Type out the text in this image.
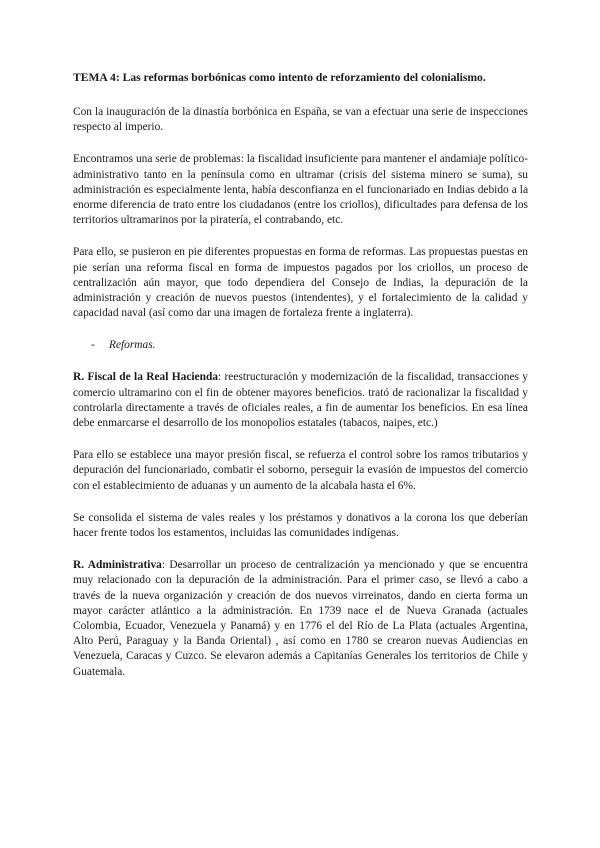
TEMA 4: Las reformas borbónicas como intento de reforzamiento del colonialismo.

Con la inauguración de la dinastía borbónica en España, se van a efectuar una serie de inspecciones respecto al imperio.

Encontramos una serie de problemas: la fiscalidad insuficiente para mantener el andamiaje político-administrativo tanto en la península como en ultramar (crisis del sistema minero se suma), su administración es especialmente lenta, había desconfianza en el funcionariado en Indias debido a la enorme diferencia de trato entre los ciudadanos (entre los criollos), dificultades para defensa de los territorios ultramarinos por la piratería, el contrabando, etc.

Para ello, se pusieron en pie diferentes propuestas en forma de reformas. Las propuestas puestas en pie serían una reforma fiscal en forma de impuestos pagados por los criollos, un proceso de centralización aún mayor, que todo dependiera del Consejo de Indias, la depuración de la administración y creación de nuevos puestos (intendentes), y el fortalecimiento de la calidad y capacidad naval (así como dar una imagen de fortaleza frente a inglaterra).

- Reformas.

R. Fiscal de la Real Hacienda: reestructuración y modernización de la fiscalidad, transacciones y comercio ultramarino con el fin de obtener mayores beneficios. trató de racionalizar la fiscalidad y controlarla directamente a través de oficiales reales, a fin de aumentar los beneficios. En esa línea debe enmarcarse el desarrollo de los monopolios estatales (tabacos, naipes, etc.)

Para ello se establece una mayor presión fiscal, se refuerza el control sobre los ramos tributarios y depuración del funcionariado, combatir el soborno, perseguir la evasión de impuestos del comercio con el establecimiento de aduanas y un aumento de la alcabala hasta el 6%.

Se consolida el sistema de vales reales y los préstamos y donativos a la corona los que deberían hacer frente todos los estamentos, incluidas las comunidades indígenas.

R. Administrativa: Desarrollar un proceso de centralización ya mencionado y que se encuentra muy relacionado con la depuración de la administración. Para el primer caso, se llevó a cabo a través de la nueva organización y creación de dos nuevos virreinatos, dando en cierta forma un mayor carácter atlántico a la administración. En 1739 nace el de Nueva Granada (actuales Colombia, Ecuador, Venezuela y Panamá) y en 1776 el del Río de La Plata (actuales Argentina, Alto Perú, Paraguay y la Banda Oriental) , así como en 1780 se crearon nuevas Audiencias en Venezuela, Caracas y Cuzco. Se elevaron además a Capitanías Generales los territorios de Chile y Guatemala.
